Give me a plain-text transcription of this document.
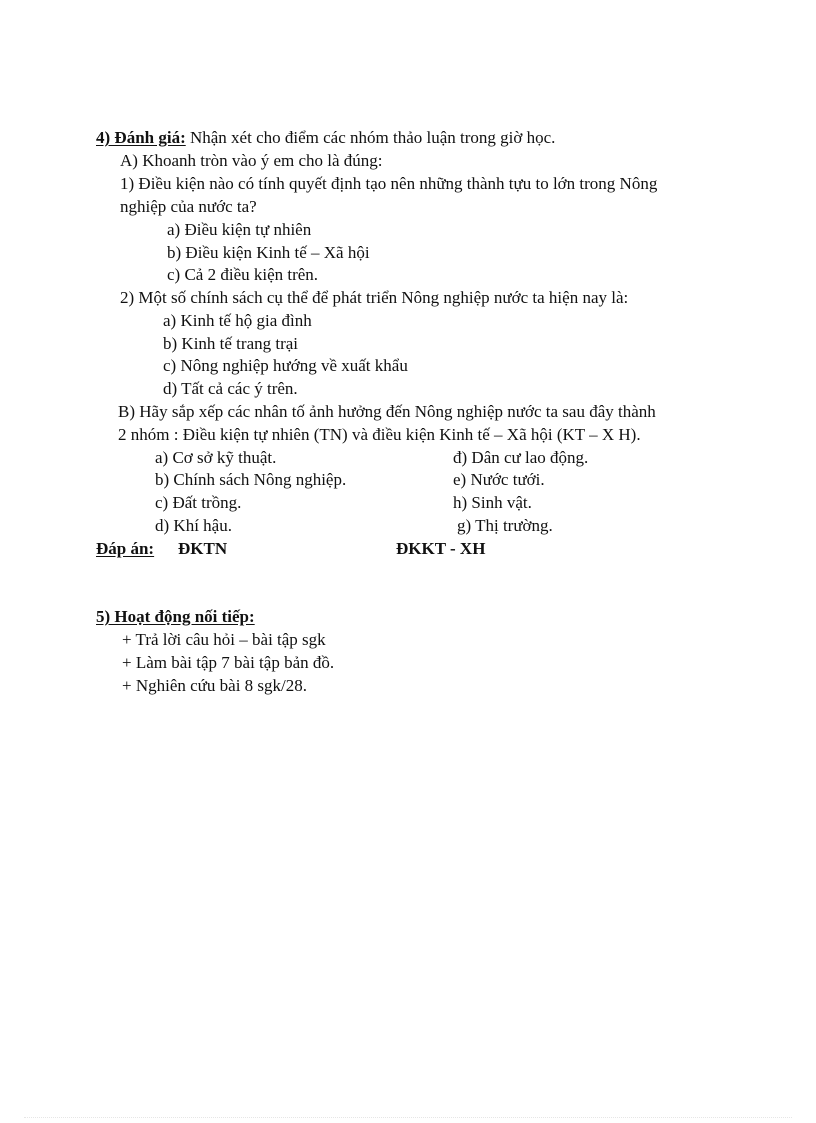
4) Đánh giá: Nhận xét cho điểm các nhóm thảo luận trong giờ học.
A) Khoanh tròn vào ý em cho là đúng:
1) Điều kiện nào có tính quyết định tạo nên những thành tựu to lớn trong Nông
nghiệp của nước ta?
a) Điều kiện tự nhiên
b) Điều kiện Kinh tế – Xã hội
c) Cả 2 điều kiện trên.
2) Một số chính sách cụ thể để phát triển Nông nghiệp nước ta hiện nay là:
a) Kinh tế hộ gia đình
b) Kinh tế trang trại
c) Nông nghiệp hướng về xuất khẩu
d) Tất cả các ý trên.
B) Hãy sắp xếp các nhân tố ảnh hưởng đến Nông nghiệp nước ta sau đây thành
2 nhóm : Điều kiện tự nhiên (TN) và điều kiện Kinh tế – Xã hội (KT – X H).
a) Cơ sở kỹ thuật.
b) Chính sách Nông nghiệp.
c) Đất trồng.
d) Khí hậu.
đ) Dân cư lao động.
e) Nước tưới.
h) Sinh vật.
g) Thị trường.
Đáp án: ĐKTN	ĐKKT - XH
5) Hoạt động nối tiếp:
+ Trả lời câu hỏi – bài tập sgk
+ Làm bài tập 7 bài tập bản đồ.
+ Nghiên cứu bài 8 sgk/28.
